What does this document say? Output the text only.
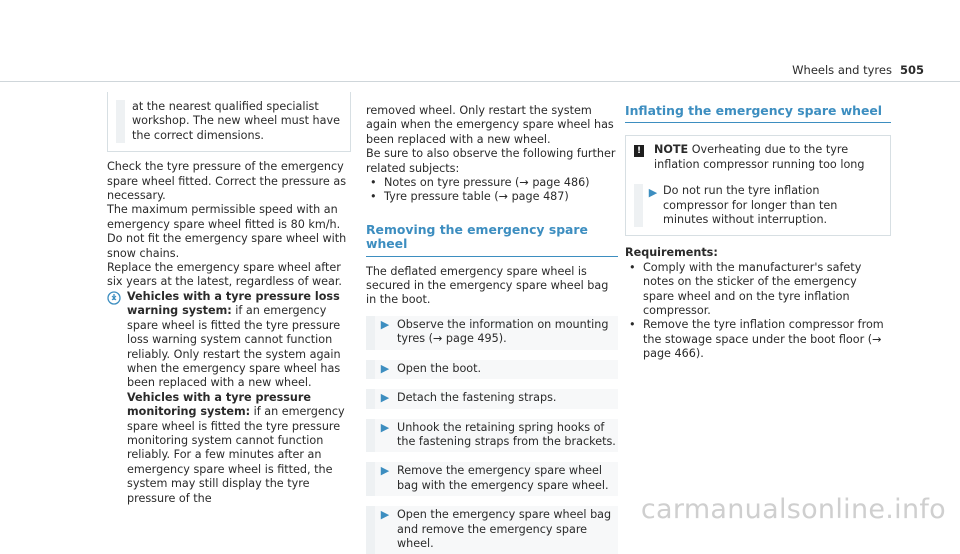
Wheels and tyres 505

at the nearest qualified specialist workshop. The new wheel must have the correct dimensions.

Check the tyre pressure of the emergency spare wheel fitted. Correct the pressure as necessary.

The maximum permissible speed with an emergency spare wheel fitted is 80 km/h.

Do not fit the emergency spare wheel with snow chains.

Replace the emergency spare wheel after six years at the latest, regardless of wear.

Vehicles with a tyre pressure loss warning system: if an emergency spare wheel is fitted the tyre pressure loss warning system cannot function reliably. Only restart the system again when the emergency spare wheel has been replaced with a new wheel.
Vehicles with a tyre pressure monitoring system: if an emergency spare wheel is fitted the tyre pressure monitoring system cannot function reliably. For a few minutes after an emergency spare wheel is fitted, the system may still display the tyre pressure of the

removed wheel. Only restart the system again when the emergency spare wheel has been replaced with a new wheel.

Be sure to also observe the following further related subjects:

• Notes on tyre pressure (→ page 486)
• Tyre pressure table (→ page 487)
Removing the emergency spare wheel

The deflated emergency spare wheel is secured in the emergency spare wheel bag in the boot.

▶ Observe the information on mounting tyres (→ page 495).
▶ Open the boot.
▶ Detach the fastening straps.
▶ Unhook the retaining spring hooks of the fastening straps from the brackets.
▶ Remove the emergency spare wheel bag with the emergency spare wheel.
▶ Open the emergency spare wheel bag and remove the emergency spare wheel.
Inflating the emergency spare wheel
! NOTE Overheating due to the tyre inflation compressor running too long

▶ Do not run the tyre inflation compressor for longer than ten minutes without interruption.

Requirements:

• Comply with the manufacturer's safety notes on the sticker of the emergency spare wheel and on the tyre inflation compressor.
• Remove the tyre inflation compressor from the stowage space under the boot floor (→ page 466).
carmanualsonline.info
